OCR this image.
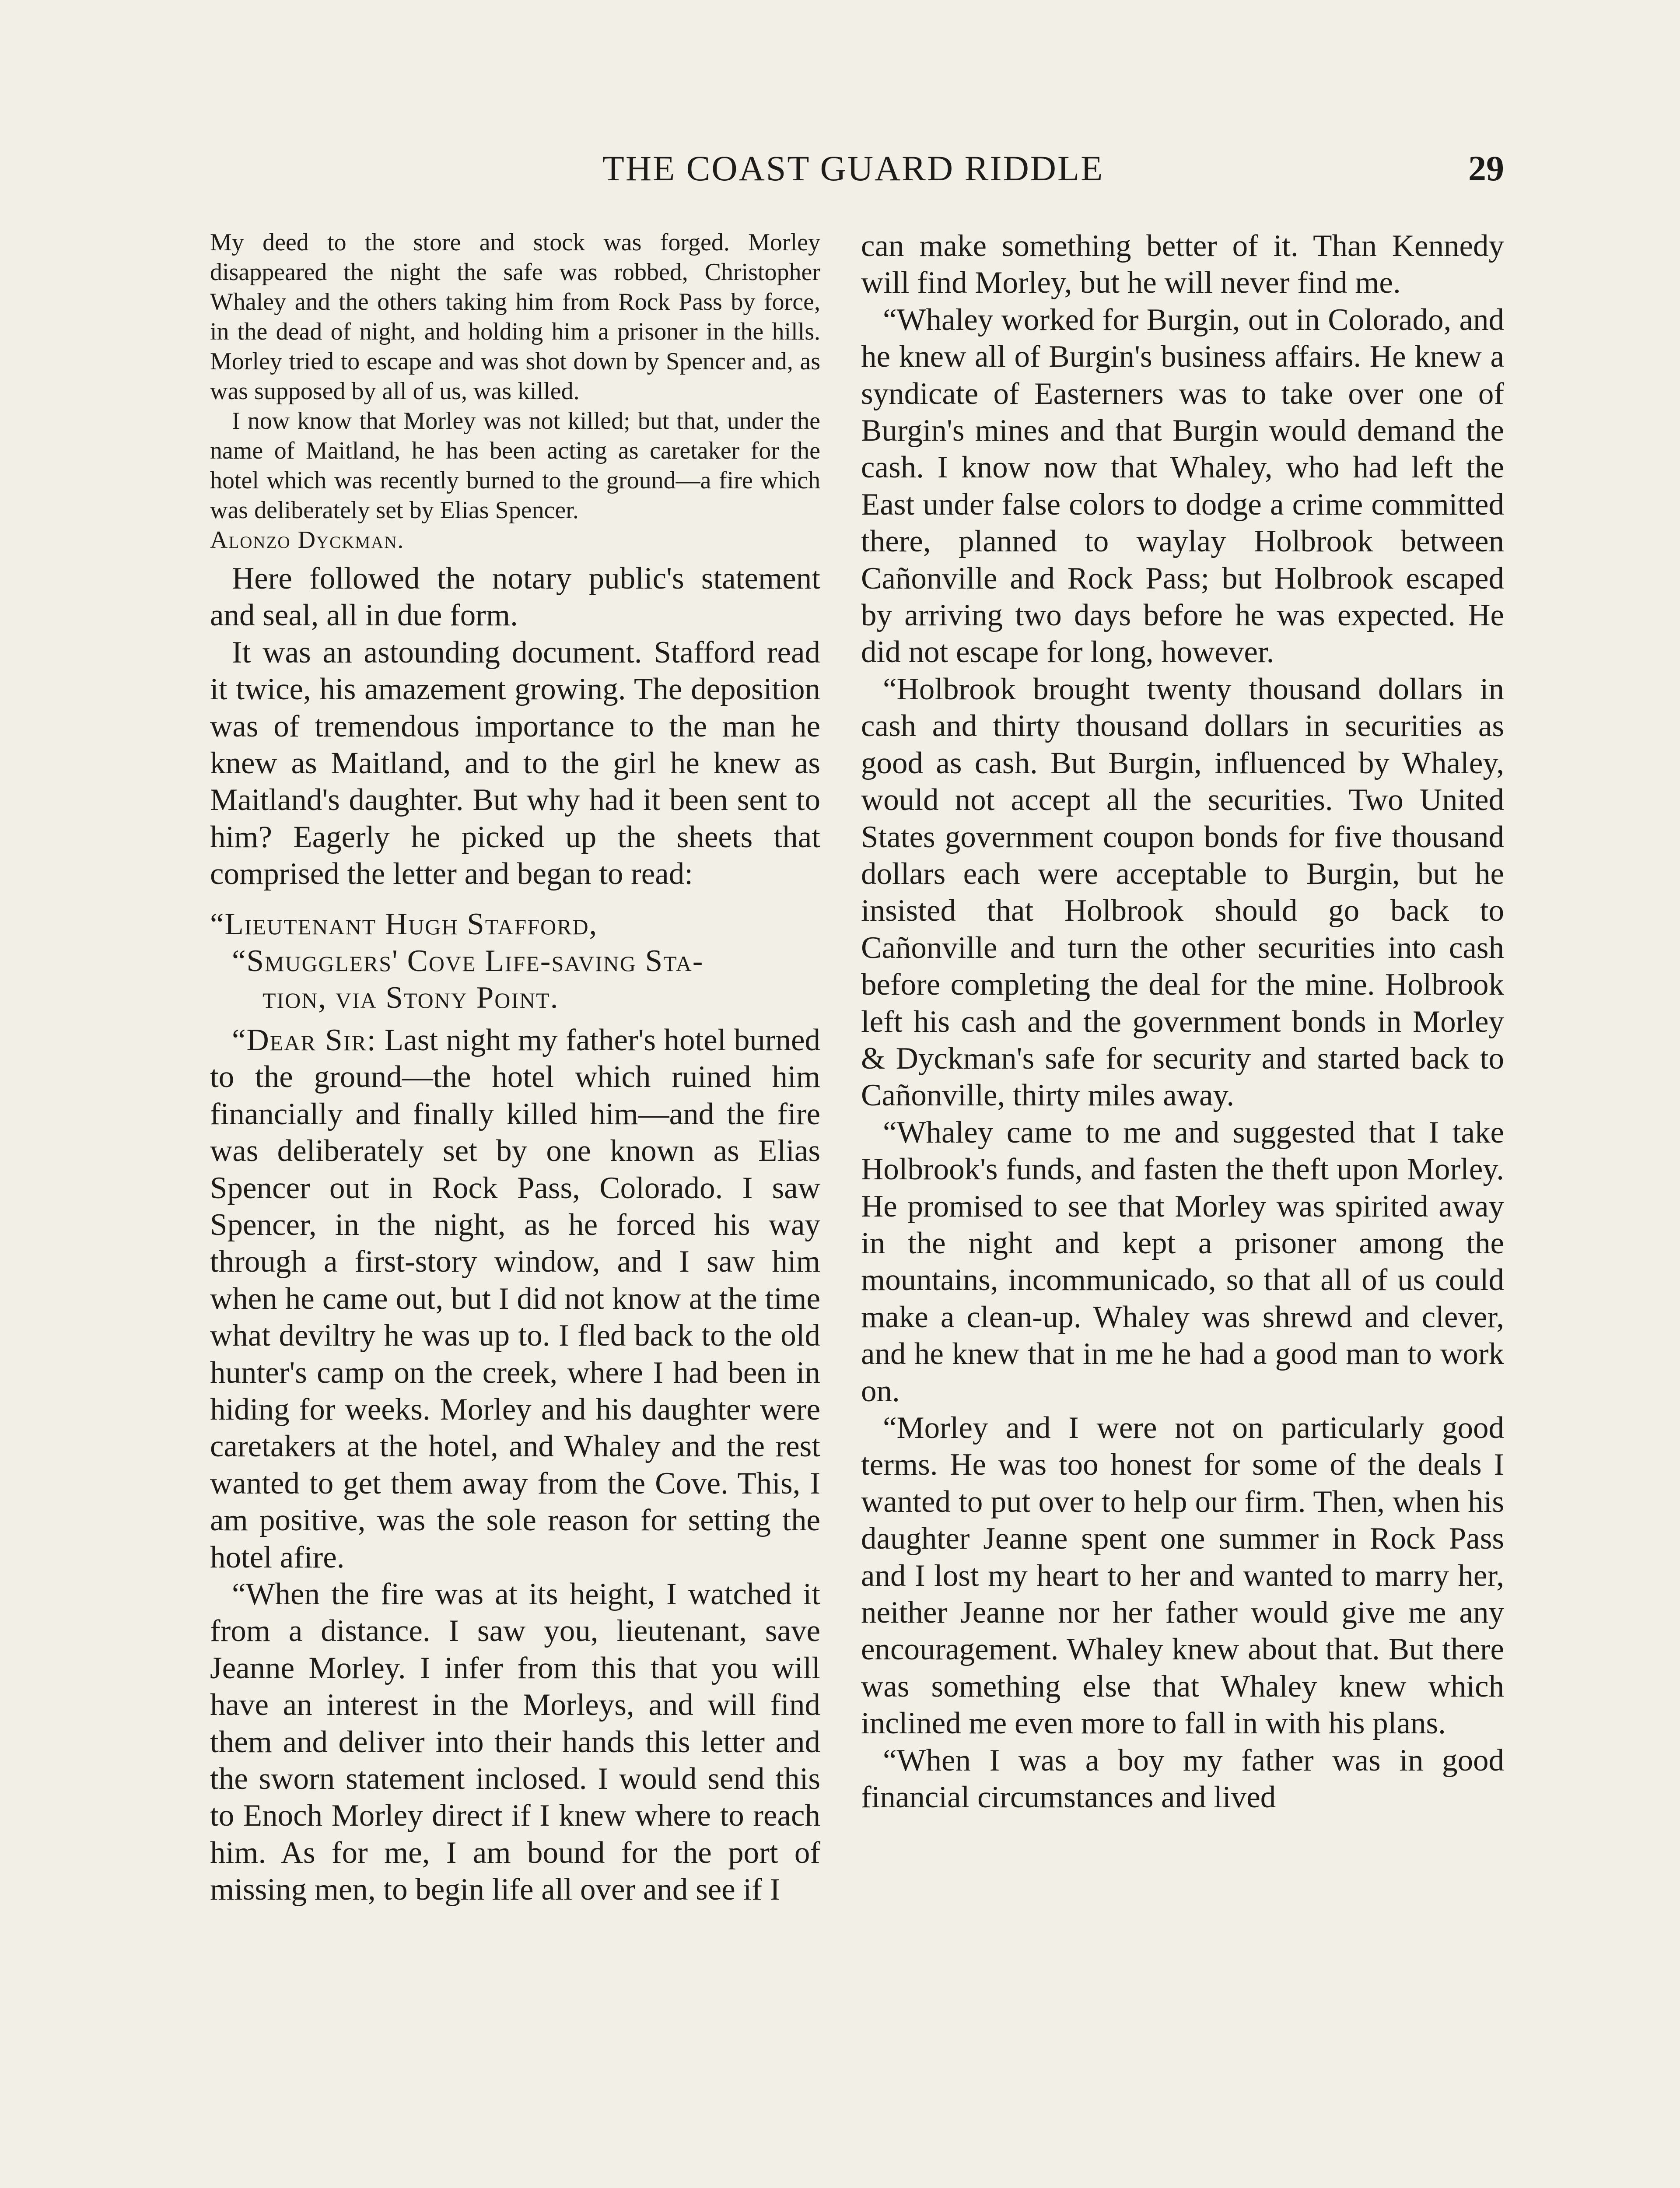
THE COAST GUARD RIDDLE	29

My deed to the store and stock was forged. Morley disappeared the night the safe was robbed, Christopher Whaley and the others taking him from Rock Pass by force, in the dead of night, and holding him a prisoner in the hills. Morley tried to escape and was shot down by Spencer and, as was supposed by all of us, was killed.

I now know that Morley was not killed; but that, under the name of Maitland, he has been acting as caretaker for the hotel which was recently burned to the ground—a fire which was deliberately set by Elias Spencer.

Alonzo Dyckman.

Here followed the notary public's statement and seal, all in due form.

It was an astounding document. Stafford read it twice, his amazement growing. The deposition was of tremendous importance to the man he knew as Maitland, and to the girl he knew as Maitland's daughter. But why had it been sent to him? Eagerly he picked up the sheets that comprised the letter and began to read:

“Lieutenant Hugh Stafford,

“Smugglers' Cove Life-saving Sta-

tion, via Stony Point.

“Dear Sir: Last night my father's hotel burned to the ground—the hotel which ruined him financially and finally killed him—and the fire was deliberately set by one known as Elias Spencer out in Rock Pass, Colorado. I saw Spencer, in the night, as he forced his way through a first-story window, and I saw him when he came out, but I did not know at the time what deviltry he was up to. I fled back to the old hunter's camp on the creek, where I had been in hiding for weeks. Morley and his daughter were caretakers at the hotel, and Whaley and the rest wanted to get them away from the Cove. This, I am positive, was the sole reason for setting the hotel afire.

“When the fire was at its height, I watched it from a distance. I saw you, lieutenant, save Jeanne Morley. I infer from this that you will have an interest in the Morleys, and will find them and deliver into their hands this letter and the sworn statement inclosed. I would send this to Enoch Morley direct if I knew where to reach him. As for me, I am bound for the port of missing men, to begin life all over and see if I

can make something better of it. Than Kennedy will find Morley, but he will never find me.

“Whaley worked for Burgin, out in Colorado, and he knew all of Burgin's business affairs. He knew a syndicate of Easterners was to take over one of Burgin's mines and that Burgin would demand the cash. I know now that Whaley, who had left the East under false colors to dodge a crime committed there, planned to waylay Holbrook between Cañonville and Rock Pass; but Holbrook escaped by arriving two days before he was expected. He did not escape for long, however.

“Holbrook brought twenty thousand dollars in cash and thirty thousand dollars in securities as good as cash. But Burgin, influenced by Whaley, would not accept all the securities. Two United States government coupon bonds for five thousand dollars each were acceptable to Burgin, but he insisted that Holbrook should go back to Cañonville and turn the other securities into cash before completing the deal for the mine. Holbrook left his cash and the government bonds in Morley & Dyckman's safe for security and started back to Cañonville, thirty miles away.

“Whaley came to me and suggested that I take Holbrook's funds, and fasten the theft upon Morley. He promised to see that Morley was spirited away in the night and kept a prisoner among the mountains, incommunicado, so that all of us could make a clean-up. Whaley was shrewd and clever, and he knew that in me he had a good man to work on.

“Morley and I were not on particularly good terms. He was too honest for some of the deals I wanted to put over to help our firm. Then, when his daughter Jeanne spent one summer in Rock Pass and I lost my heart to her and wanted to marry her, neither Jeanne nor her father would give me any encouragement. Whaley knew about that. But there was something else that Whaley knew which inclined me even more to fall in with his plans.

“When I was a boy my father was in good financial circumstances and lived
